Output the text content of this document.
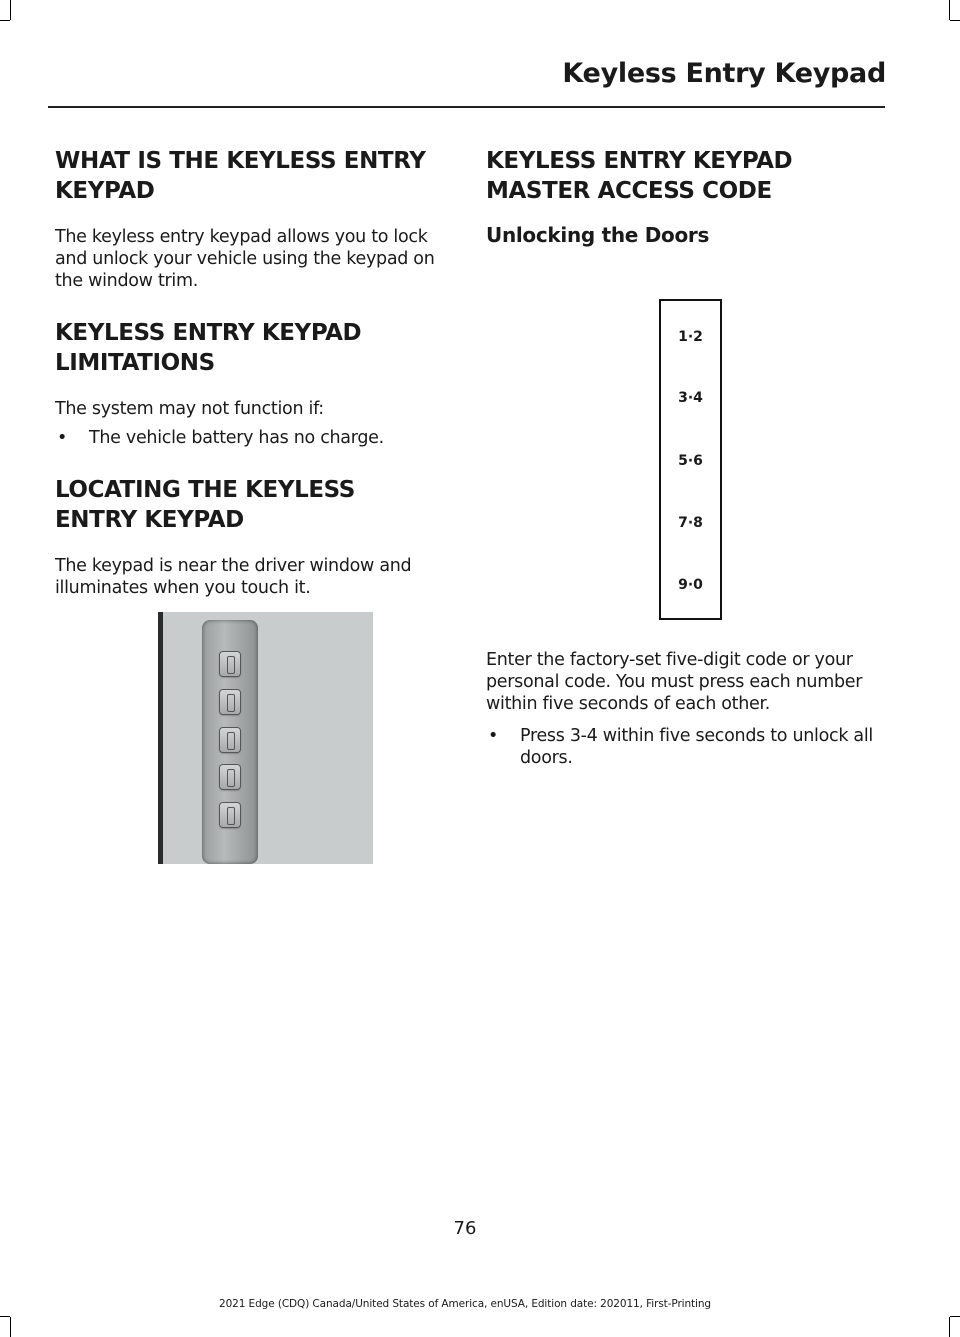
Keyless Entry Keypad
WHAT IS THE KEYLESS ENTRY
KEYPAD

The keyless entry keypad allows you to lock and unlock your vehicle using the keypad on the window trim.

KEYLESS ENTRY KEYPAD
LIMITATIONS

The system may not function if:

• The vehicle battery has no charge.

LOCATING THE KEYLESS
ENTRY KEYPAD

The keypad is near the driver window and illuminates when you touch it.

KEYLESS ENTRY KEYPAD
MASTER ACCESS CODE
Unlocking the Doors
1·2
3·4
5·6
7·8
9·0

Enter the factory-set five-digit code or your personal code. You must press each number within five seconds of each other.

• Press 3-4 within five seconds to unlock all doors.

76
2021 Edge (CDQ) Canada/United States of America, enUSA, Edition date: 202011, First-Printing
